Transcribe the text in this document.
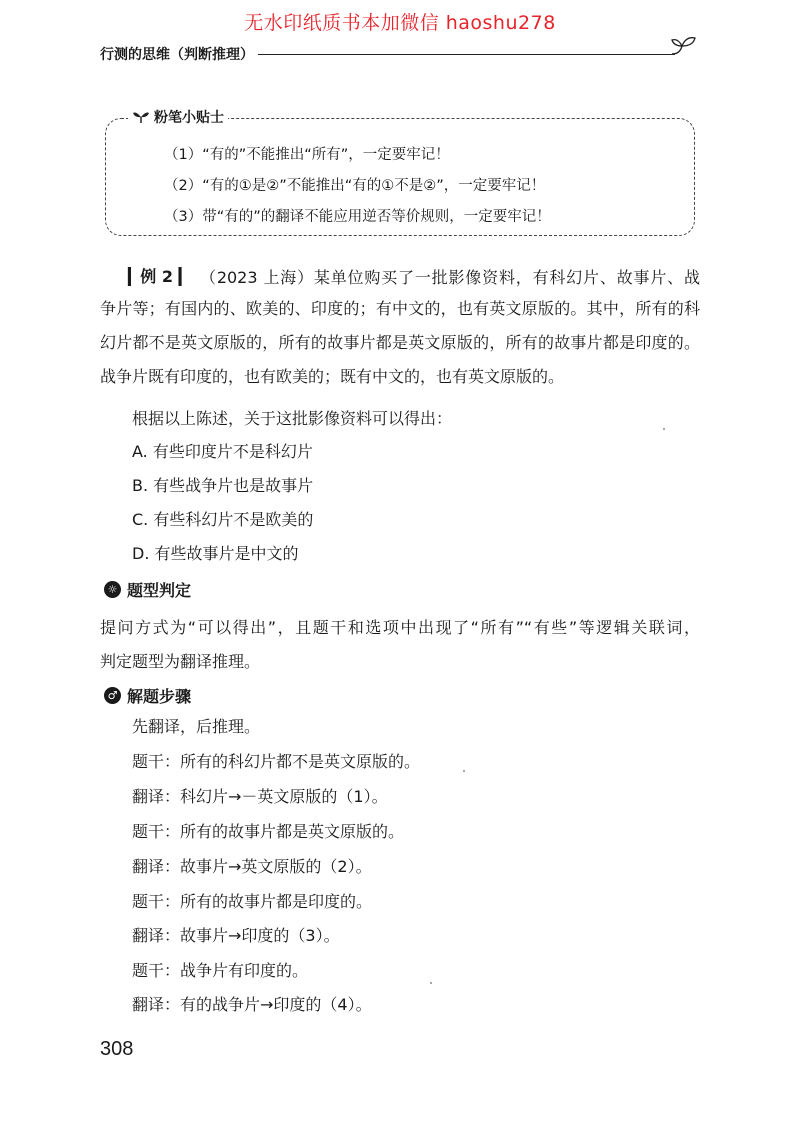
无水印纸质书本加微信 haoshu278
行测的思维（判断推理）
粉笔小贴士
（1）“有的”不能推出“所有”，一定要牢记！
（2）“有的①是②”不能推出“有的①不是②”，一定要牢记！
（3）带“有的”的翻译不能应用逆否等价规则，一定要牢记！
▎例 2 ▎ （2023 上海）某单位购买了一批影像资料，有科幻片、故事片、战
争片等；有国内的、欧美的、印度的；有中文的，也有英文原版的。其中，所有的科
幻片都不是英文原版的，所有的故事片都是英文原版的，所有的故事片都是印度的。
战争片既有印度的，也有欧美的；既有中文的，也有英文原版的。
根据以上陈述，关于这批影像资料可以得出：
A. 有些印度片不是科幻片
B. 有些战争片也是故事片
C. 有些科幻片不是欧美的
D. 有些故事片是中文的
☼ 题型判定
提问方式为“可以得出”，且题干和选项中出现了“所有”“有些”等逻辑关联词，
判定题型为翻译推理。
♂ 解题步骤
先翻译，后推理。
题干：所有的科幻片都不是英文原版的。
翻译：科幻片→－英文原版的（1）。
题干：所有的故事片都是英文原版的。
翻译：故事片→英文原版的（2）。
题干：所有的故事片都是印度的。
翻译：故事片→印度的（3）。
题干：战争片有印度的。
翻译：有的战争片→印度的（4）。
308
